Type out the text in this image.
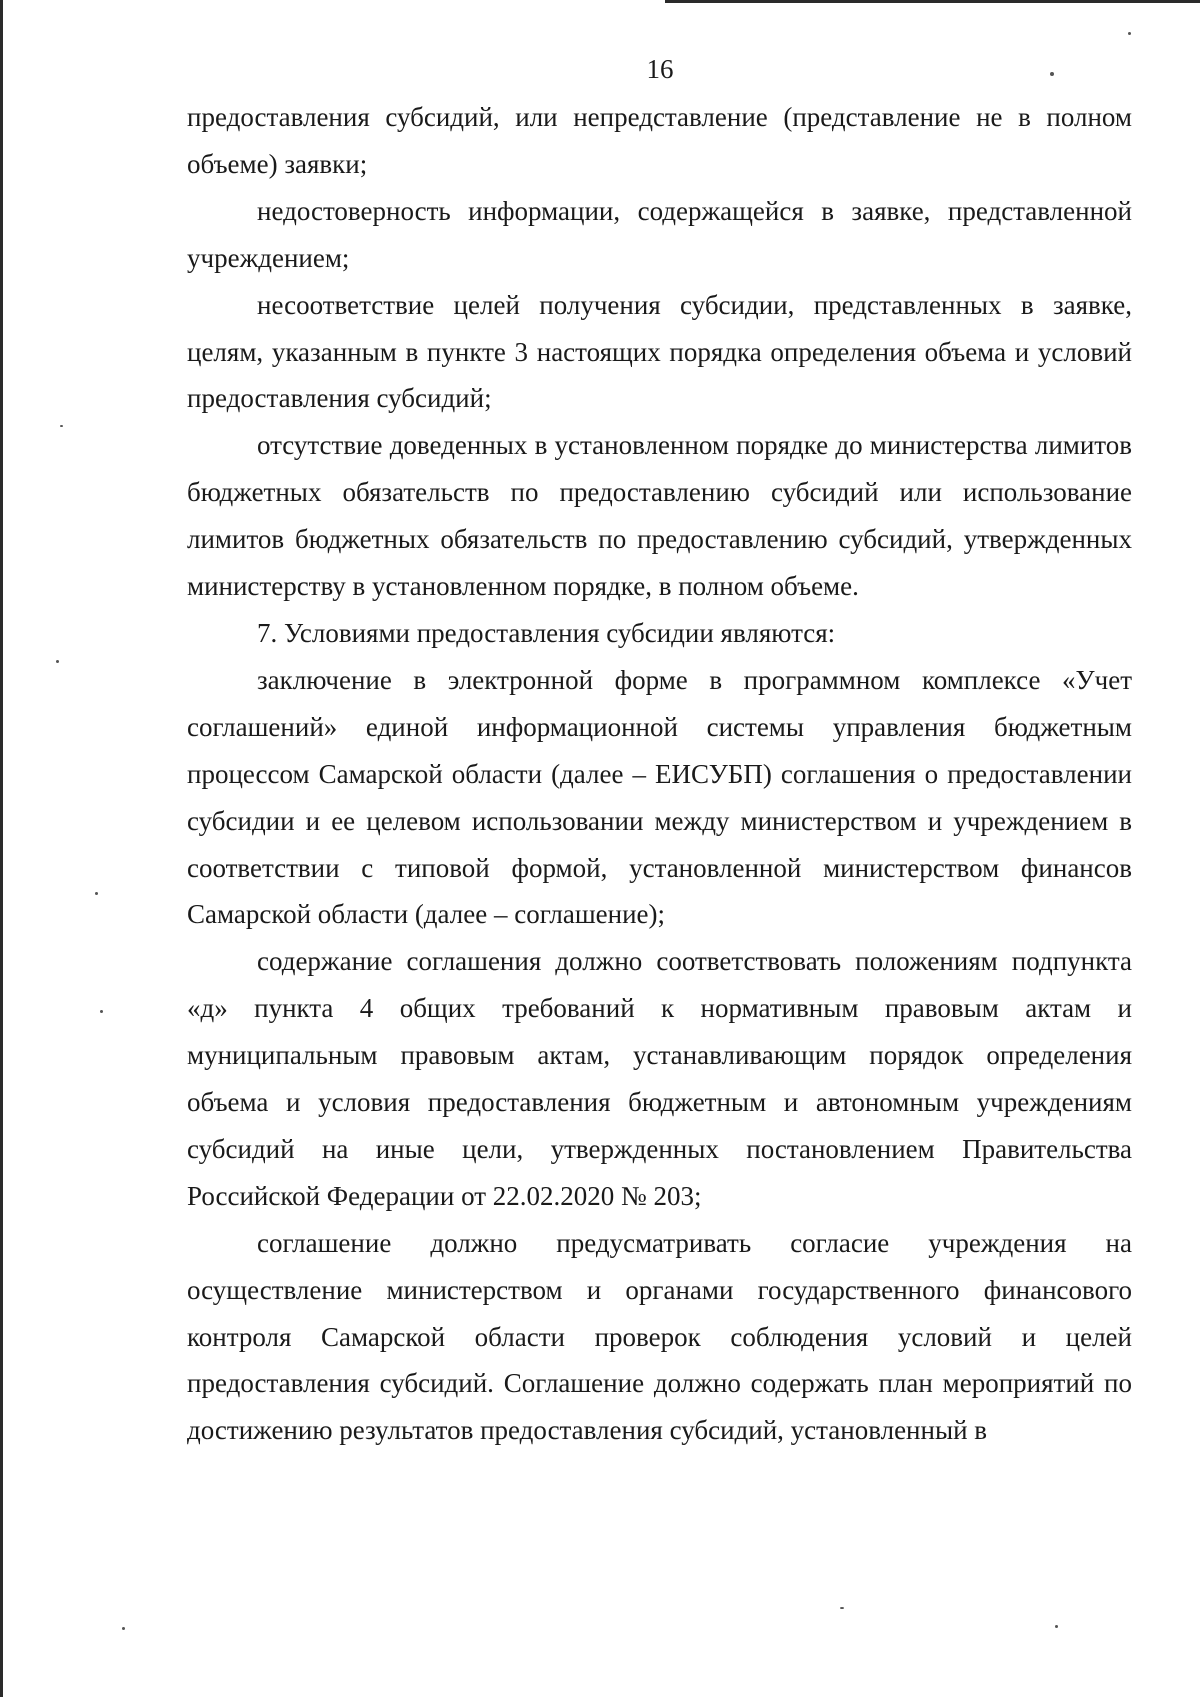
16

предоставления субсидий, или непредставление (представление не в полном объеме) заявки;

недостоверность информации, содержащейся в заявке, представленной учреждением;

несоответствие целей получения субсидии, представленных в заявке, целям, указанным в пункте 3 настоящих порядка определения объема и условий предоставления субсидий;

отсутствие доведенных в установленном порядке до министерства лимитов бюджетных обязательств по предоставлению субсидий или использование лимитов бюджетных обязательств по предоставлению субсидий, утвержденных министерству в установленном порядке, в полном объеме.

7. Условиями предоставления субсидии являются:

заключение в электронной форме в программном комплексе «Учет соглашений» единой информационной системы управления бюджетным процессом Самарской области (далее – ЕИСУБП) соглашения о предоставлении субсидии и ее целевом использовании между министерством и учреждением в соответствии с типовой формой, установленной министерством финансов Самарской области (далее – соглашение);

содержание соглашения должно соответствовать положениям подпункта «д» пункта 4 общих требований к нормативным правовым актам и муниципальным правовым актам, устанавливающим порядок определения объема и условия предоставления бюджетным и автономным учреждениям субсидий на иные цели, утвержденных постановлением Правительства Российской Федерации от 22.02.2020 № 203;

соглашение должно предусматривать согласие учреждения на осуществление министерством и органами государственного финансового контроля Самарской области проверок соблюдения условий и целей предоставления субсидий. Соглашение должно содержать план мероприятий по достижению результатов предоставления субсидий, установленный в
